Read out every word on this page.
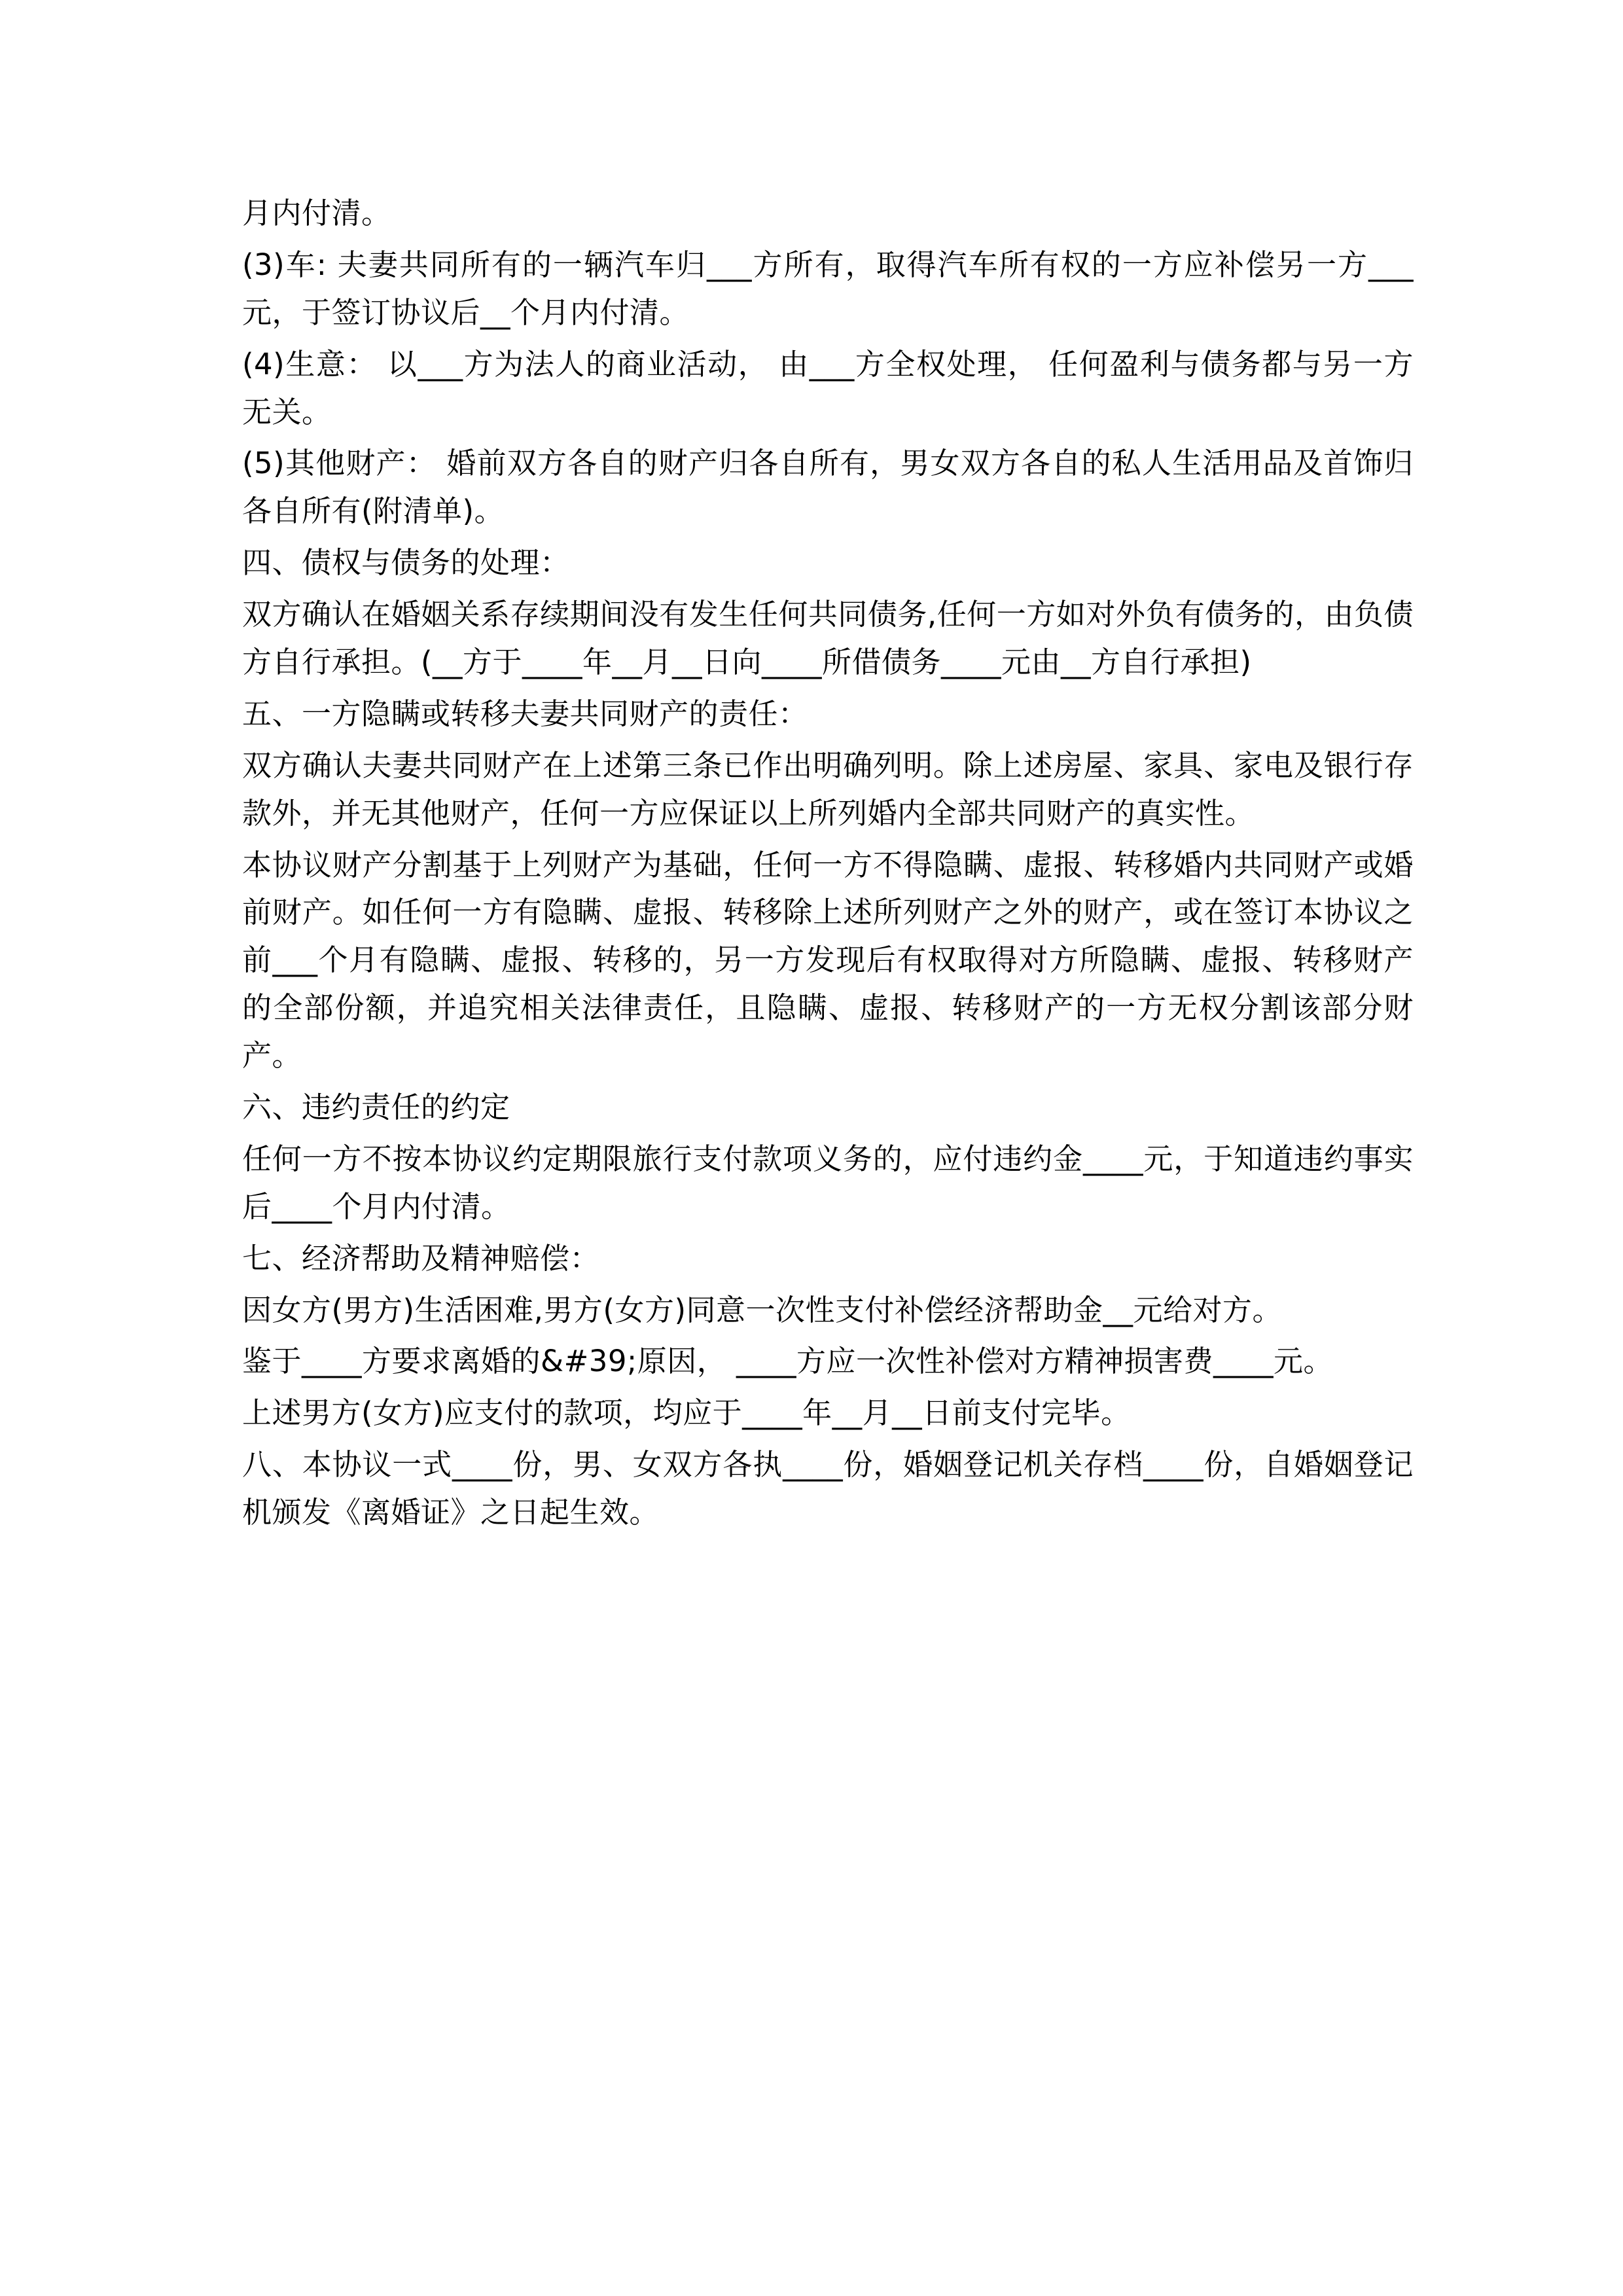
月内付清。

(3)车: 夫妻共同所有的一辆汽车归___方所有，取得汽车所有权的一方应补偿另一方___元，于签订协议后__个月内付清。

(4)生意： 以___方为法人的商业活动， 由___方全权处理， 任何盈利与债务都与另一方无关。

(5)其他财产： 婚前双方各自的财产归各自所有，男女双方各自的私人生活用品及首饰归各自所有(附清单)。

四、债权与债务的处理：

双方确认在婚姻关系存续期间没有发生任何共同债务,任何一方如对外负有债务的，由负债方自行承担。(__方于____年__月__日向____所借债务____元由__方自行承担)

五、一方隐瞒或转移夫妻共同财产的责任：

双方确认夫妻共同财产在上述第三条已作出明确列明。除上述房屋、家具、家电及银行存款外，并无其他财产，任何一方应保证以上所列婚内全部共同财产的真实性。

本协议财产分割基于上列财产为基础，任何一方不得隐瞒、虚报、转移婚内共同财产或婚前财产。如任何一方有隐瞒、虚报、转移除上述所列财产之外的财产，或在签订本协议之前___个月有隐瞒、虚报、转移的，另一方发现后有权取得对方所隐瞒、虚报、转移财产的全部份额，并追究相关法律责任，且隐瞒、虚报、转移财产的一方无权分割该部分财产。

六、违约责任的约定

任何一方不按本协议约定期限旅行支付款项义务的，应付违约金____元，于知道违约事实后____个月内付清。

七、经济帮助及精神赔偿：

因女方(男方)生活困难,男方(女方)同意一次性支付补偿经济帮助金__元给对方。

鉴于____方要求离婚的&#39;原因， ____方应一次性补偿对方精神损害费____元。

上述男方(女方)应支付的款项，均应于____年__月__日前支付完毕。

八、本协议一式____份，男、女双方各执____份，婚姻登记机关存档____份，自婚姻登记机颁发《离婚证》之日起生效。
